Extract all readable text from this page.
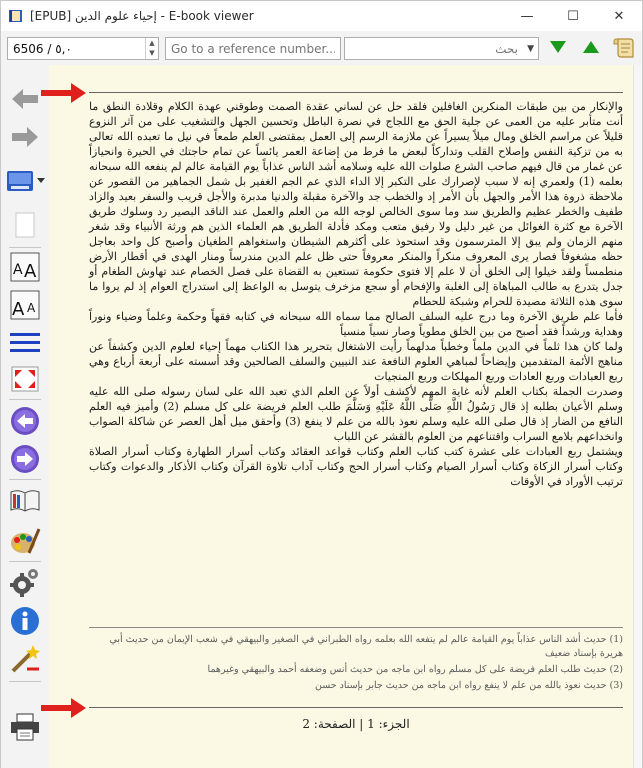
[EPUB] إحياء علوم الدين - E-book viewer	—	☐	✕
6506 / ٥,٠	▲
▼
Go to a reference number...
بحث	▼
A A
A A

والإنكار من بين طبقات المنكرين الغافلين فلقد حل عن لساني عقدة الصمت وطوقني عهدة الكلام وقلادة النطق ما أنت متأبر عليه من العمى عن جلية الحق مع اللجاج في نصرة الباطل وتحسين الجهل والتشغيب على من آثر النزوع قليلاً عن مراسم الخلق ومال ميلاً يسيراً عن ملازمة الرسم إلى العمل بمقتضى العلم طمعاً في نيل ما تعبده الله تعالى به من تزكية النفس وإصلاح القلب وتداركاً لبعض ما فرط من إضاعة العمر يائساً عن تمام حاجتك في الحيرة وانحيازاً عن غمار من قال فيهم صاحب الشرع صلوات الله عليه وسلامه أشد الناس عذاباً يوم القيامة عالم لم ينفعه الله سبحانه بعلمه (1) ولعمري إنه لا سبب لإصرارك على التكبر إلا الداء الذي عم الجم الغفير بل شمل الجماهير من القصور عن ملاحظة ذروة هذا الأمر والجهل بأن الأمر إد والخطب جد والآخرة مقبلة والدنيا مدبرة والأجل قريب والسفر بعيد والزاد طفيف والخطر عظيم والطريق سد وما سوى الخالص لوجه الله من العلم والعمل عند الناقد البصير رد وسلوك طريق الآخرة مع كثرة الغوائل من غير دليل ولا رفيق متعب ومكد فأدلة الطريق هم العلماء الذين هم ورثة الأنبياء وقد شغر منهم الزمان ولم يبق إلا المترسمون وقد استحوذ على أكثرهم الشيطان واستغواهم الطغيان وأصبح كل واحد بعاجل حظه مشغوفاً فصار يرى المعروف منكراً والمنكر معروفاً حتى ظل علم الدين مندرساً ومنار الهدى في أقطار الأرض منطمساً ولقد خيلوا إلى الخلق أن لا علم إلا فتوى حكومة تستعين به القضاة على فصل الخصام عند تهاوش الطغام أو جدل يتدرع به طالب المباهاة إلى الغلبة والإفحام أو سجع مزخرف يتوسل به الواعظ إلى استدراج العوام إذ لم يروا ما سوى هذه الثلاثة مصيدة للحرام وشبكة للحطام

فأما علم طريق الآخرة وما درج عليه السلف الصالح مما سماه الله سبحانه في كتابه فقهاً وحكمة وعلماً وضياء ونوراً وهداية ورشداً فقد أصبح من بين الخلق مطوياً وصار نسياً منسياً

ولما كان هذا ثلماً في الدين ملماً وخطباً مدلهماً رأيت الاشتغال بتحرير هذا الكتاب مهماً إحياء لعلوم الدين وكشفاً عن مناهج الأئمة المتقدمين وإيضاحاً لمباهي العلوم النافعة عند النبيين والسلف الصالحين وقد أسسته على أربعة أرباع وهي ربع العبادات وربع العادات وربع المهلكات وربع المنجيات

وصدرت الجملة بكتاب العلم لأنه غاية المهم لأكشف أولاً عن العلم الذي تعبد الله على لسان رسوله صلى الله عليه وسلم الأعيان بطلبه إذ قال رَسُولُ اللَّهِ صَلَّى اللَّهُ عَلَيْهِ وَسَلَّمَ طلب العلم فريضة على كل مسلم (2) وأميز فيه العلم النافع من الضار إذ قال صلى الله عليه وسلم نعوذ بالله من علم لا ينفع (3) وأحقق ميل أهل العصر عن شاكلة الصواب وانخداعهم بلامع السراب واقتناعهم من العلوم بالقشر عن اللباب

ويشتمل ربع العبادات على عشرة كتب كتاب العلم وكتاب قواعد العقائد وكتاب أسرار الطهارة وكتاب أسرار الصلاة وكتاب أسرار الزكاة وكتاب أسرار الصيام وكتاب أسرار الحج وكتاب آداب تلاوة القرآن وكتاب الأذكار والدعوات وكتاب ترتيب الأوراد في الأوقات

(1) حديث أشد الناس عذاباً يوم القيامة عالم لم ينفعه الله بعلمه رواه الطبراني في الصغير والبيهقي في شعب الإيمان من حديث أبي هريرة بإسناد ضعيف

(2) حديث طلب العلم فريضة على كل مسلم رواه ابن ماجه من حديث أنس وضعفه أحمد والبيهقي وغيرهما

(3) حديث نعوذ بالله من علم لا ينفع رواه ابن ماجه من حديث جابر بإسناد حسن

الجزء: 1 | الصفحة: 2
